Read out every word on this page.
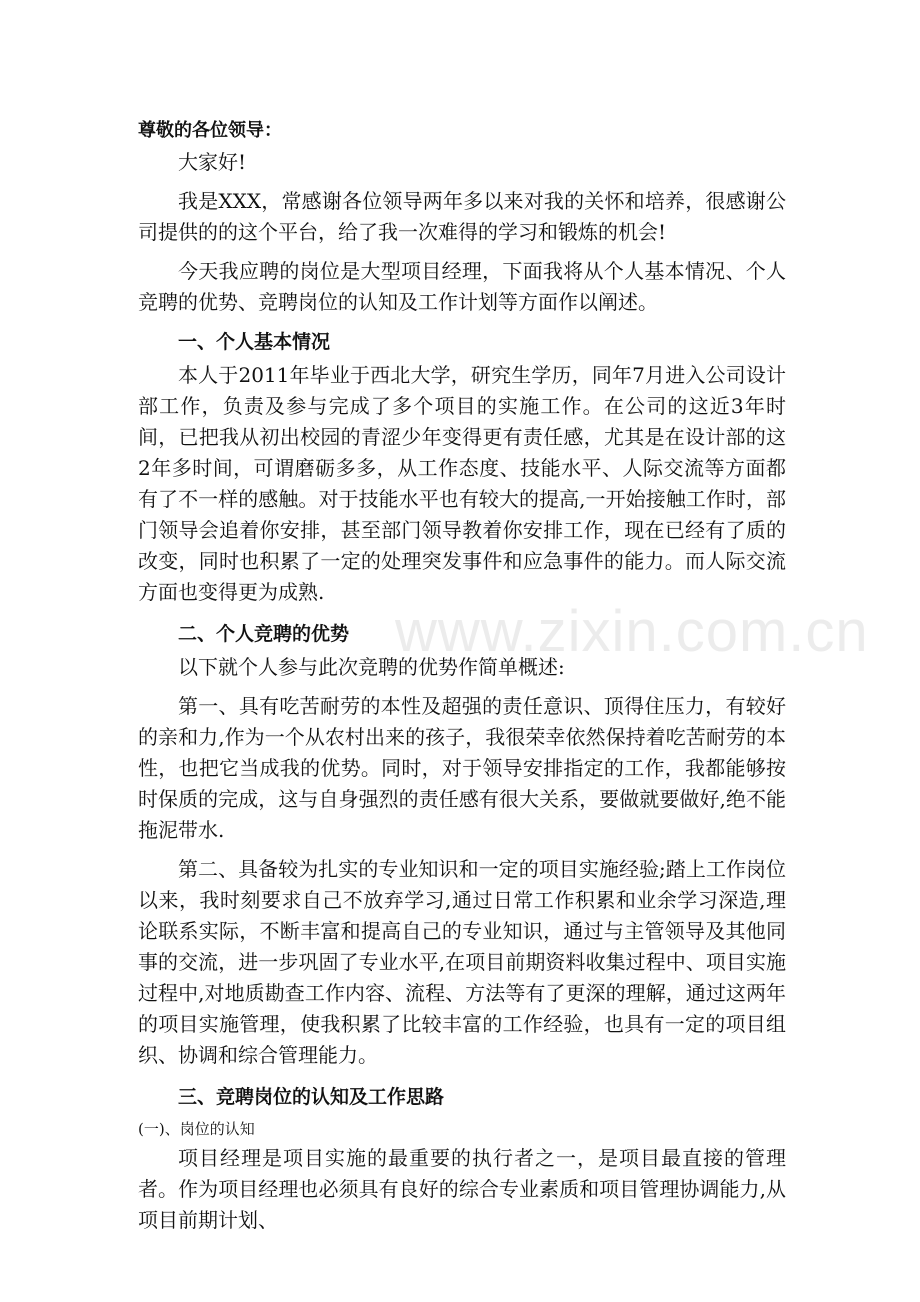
www.zixin.com.cn

尊敬的各位领导：

大家好!

我是XXX，常感谢各位领导两年多以来对我的关怀和培养，很感谢公司提供的的这个平台，给了我一次难得的学习和锻炼的机会!

今天我应聘的岗位是大型项目经理，下面我将从个人基本情况、个人竞聘的优势、竞聘岗位的认知及工作计划等方面作以阐述。

一、个人基本情况

本人于2011年毕业于西北大学，研究生学历，同年7月进入公司设计部工作，负责及参与完成了多个项目的实施工作。在公司的这近3年时间，已把我从初出校园的青涩少年变得更有责任感，尤其是在设计部的这2年多时间，可谓磨砺多多，从工作态度、技能水平、人际交流等方面都有了不一样的感触。对于技能水平也有较大的提高,一开始接触工作时，部门领导会追着你安排，甚至部门领导教着你安排工作，现在已经有了质的改变，同时也积累了一定的处理突发事件和应急事件的能力。而人际交流方面也变得更为成熟.

二、个人竞聘的优势

以下就个人参与此次竞聘的优势作简单概述:

第一、具有吃苦耐劳的本性及超强的责任意识、顶得住压力，有较好的亲和力,作为一个从农村出来的孩子，我很荣幸依然保持着吃苦耐劳的本性，也把它当成我的优势。同时，对于领导安排指定的工作，我都能够按时保质的完成，这与自身强烈的责任感有很大关系，要做就要做好,绝不能拖泥带水.

第二、具备较为扎实的专业知识和一定的项目实施经验;踏上工作岗位以来，我时刻要求自己不放弃学习,通过日常工作积累和业余学习深造,理论联系实际，不断丰富和提高自己的专业知识，通过与主管领导及其他同事的交流，进一步巩固了专业水平,在项目前期资料收集过程中、项目实施过程中,对地质勘查工作内容、流程、方法等有了更深的理解，通过这两年的项目实施管理，使我积累了比较丰富的工作经验，也具有一定的项目组织、协调和综合管理能力。

三、竞聘岗位的认知及工作思路

(一)、岗位的认知

项目经理是项目实施的最重要的执行者之一，是项目最直接的管理者。作为项目经理也必须具有良好的综合专业素质和项目管理协调能力,从项目前期计划、
